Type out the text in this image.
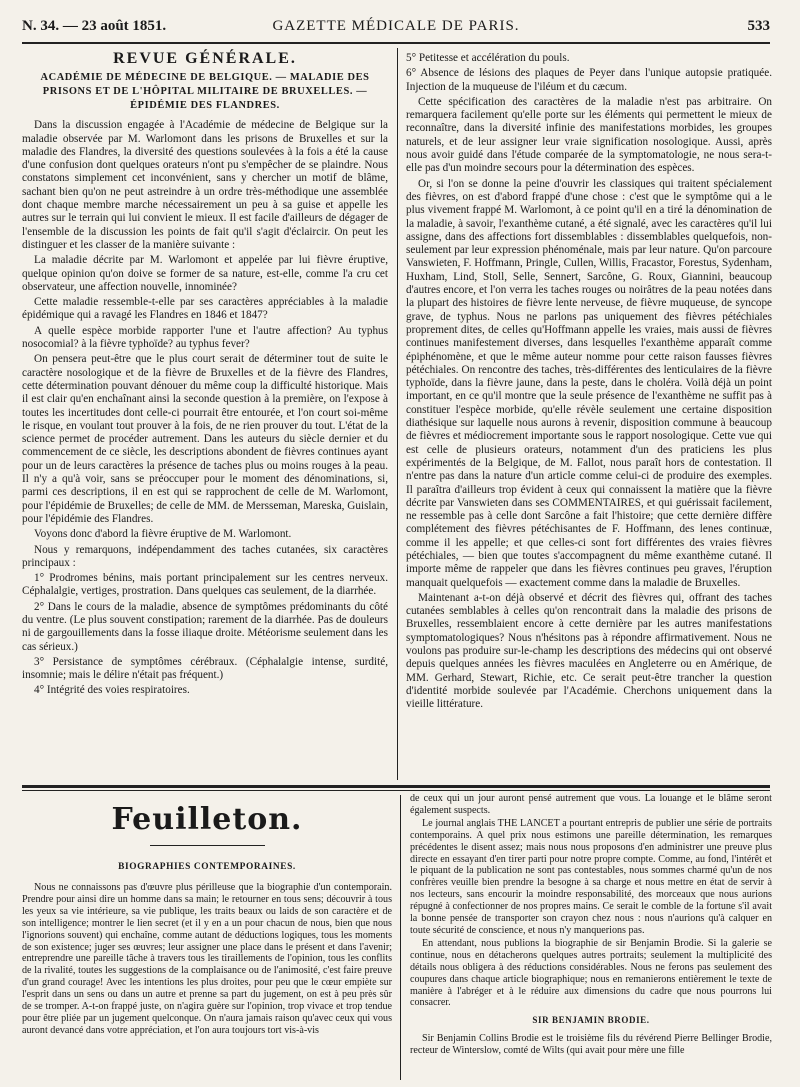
N. 34. — 23 août 1851.	GAZETTE MÉDICALE DE PARIS.	533
REVUE GÉNÉRALE.
ACADÉMIE DE MÉDECINE DE BELGIQUE. — MALADIE DES PRISONS ET DE L'HÔPITAL MILITAIRE DE BRUXELLES. — ÉPIDÉMIE DES FLANDRES.

Dans la discussion engagée à l'Académie de médecine de Belgique sur la maladie observée par M. Warlomont dans les prisons de Bruxelles et sur la maladie des Flandres, la diversité des questions soulevées à la fois a été la cause d'une confusion dont quelques orateurs n'ont pu s'empêcher de se plaindre. Nous constatons simplement cet inconvénient, sans y chercher un motif de blâme, sachant bien qu'on ne peut astreindre à un ordre très-méthodique une assemblée dont chaque membre marche nécessairement un peu à sa guise et appelle les autres sur le terrain qui lui convient le mieux. Il est facile d'ailleurs de dégager de l'ensemble de la discussion les points de fait qu'il s'agit d'éclaircir. On peut les distinguer et les classer de la manière suivante :

La maladie décrite par M. Warlomont et appelée par lui fièvre éruptive, quelque opinion qu'on doive se former de sa nature, est-elle, comme l'a cru cet observateur, une affection nouvelle, innominée?

Cette maladie ressemble-t-elle par ses caractères appréciables à la maladie épidémique qui a ravagé les Flandres en 1846 et 1847?

A quelle espèce morbide rapporter l'une et l'autre affection? Au typhus nosocomial? à la fièvre typhoïde? au typhus fever?

On pensera peut-être que le plus court serait de déterminer tout de suite le caractère nosologique et de la fièvre de Bruxelles et de la fièvre des Flandres, cette détermination pouvant dénouer du même coup la difficulté historique. Mais il est clair qu'en enchaînant ainsi la seconde question à la première, on l'expose à toutes les incertitudes dont celle-ci pourrait être entourée, et l'on court soi-même le risque, en voulant tout prouver à la fois, de ne rien prouver du tout. L'état de la science permet de procéder autrement. Dans les auteurs du siècle dernier et du commencement de ce siècle, les descriptions abondent de fièvres continues ayant pour un de leurs caractères la présence de taches plus ou moins rouges à la peau. Il n'y a qu'à voir, sans se préoccuper pour le moment des dénominations, si, parmi ces descriptions, il en est qui se rapprochent de celle de M. Warlomont, pour l'épidémie de Bruxelles; de celle de MM. de Mersseman, Mareska, Guislain, pour l'épidémie des Flandres.

Voyons donc d'abord la fièvre éruptive de M. Warlomont.

Nous y remarquons, indépendamment des taches cutanées, six caractères principaux :

1° Prodromes bénins, mais portant principalement sur les centres nerveux. Céphalalgie, vertiges, prostration. Dans quelques cas seulement, de la diarrhée.

2° Dans le cours de la maladie, absence de symptômes prédominants du côté du ventre. (Le plus souvent constipation; rarement de la diarrhée. Pas de douleurs ni de gargouillements dans la fosse iliaque droite. Météorisme seulement dans les cas sérieux.)

3° Persistance de symptômes cérébraux. (Céphalalgie intense, surdité, insomnie; mais le délire n'était pas fréquent.)

4° Intégrité des voies respiratoires.

5° Petitesse et accélération du pouls.

6° Absence de lésions des plaques de Peyer dans l'unique autopsie pratiquée. Injection de la muqueuse de l'iléum et du cæcum.

Cette spécification des caractères de la maladie n'est pas arbitraire. On remarquera facilement qu'elle porte sur les éléments qui permettent le mieux de reconnaître, dans la diversité infinie des manifestations morbides, les groupes naturels, et de leur assigner leur vraie signification nosologique. Aussi, après nous avoir guidé dans l'étude comparée de la symptomatologie, ne nous sera-t-elle pas d'un moindre secours pour la détermination des espèces.

Or, si l'on se donne la peine d'ouvrir les classiques qui traitent spécialement des fièvres, on est d'abord frappé d'une chose : c'est que le symptôme qui a le plus vivement frappé M. Warlomont, à ce point qu'il en a tiré la dénomination de la maladie, à savoir, l'exanthème cutané, a été signalé, avec les caractères qu'il lui assigne, dans des affections fort dissemblables : dissemblables quelquefois, non-seulement par leur expression phénoménale, mais par leur nature. Qu'on parcoure Vanswieten, F. Hoffmann, Pringle, Cullen, Willis, Fracastor, Forestus, Sydenham, Huxham, Lind, Stoll, Selle, Sennert, Sarcône, G. Roux, Giannini, beaucoup d'autres encore, et l'on verra les taches rouges ou noirâtres de la peau notées dans la plupart des histoires de fièvre lente nerveuse, de fièvre muqueuse, de syncope grave, de typhus. Nous ne parlons pas uniquement des fièvres pétéchiales proprement dites, de celles qu'Hoffmann appelle les vraies, mais aussi de fièvres continues manifestement diverses, dans lesquelles l'exanthème apparaît comme épiphénomène, et que le même auteur nomme pour cette raison fausses fièvres pétéchiales. On rencontre des taches, très-différentes des lenticulaires de la fièvre typhoïde, dans la fièvre jaune, dans la peste, dans le choléra. Voilà déjà un point important, en ce qu'il montre que la seule présence de l'exanthème ne suffit pas à constituer l'espèce morbide, qu'elle révèle seulement une certaine disposition diathésique sur laquelle nous aurons à revenir, disposition commune à beaucoup de fièvres et médiocrement importante sous le rapport nosologique. Cette vue qui est celle de plusieurs orateurs, notamment d'un des praticiens les plus expérimentés de la Belgique, de M. Fallot, nous paraît hors de contestation. Il n'entre pas dans la nature d'un article comme celui-ci de produire des exemples. Il paraîtra d'ailleurs trop évident à ceux qui connaissent la matière que la fièvre décrite par Vanswieten dans ses COMMENTAIRES, et qui guérissait facilement, ne ressemble pas à celle dont Sarcône a fait l'histoire; que cette dernière diffère complétement des fièvres pétéchisantes de F. Hoffmann, des lenes continuæ, comme il les appelle; et que celles-ci sont fort différentes des vraies fièvres pétéchiales, — bien que toutes s'accompagnent du même exanthème cutané. Il importe même de rappeler que dans les fièvres continues peu graves, l'éruption manquait quelquefois — exactement comme dans la maladie de Bruxelles.

Maintenant a-t-on déjà observé et décrit des fièvres qui, offrant des taches cutanées semblables à celles qu'on rencontrait dans la maladie des prisons de Bruxelles, ressemblaient encore à cette dernière par les autres manifestations symptomatologiques? Nous n'hésitons pas à répondre affirmativement. Nous ne voulons pas produire sur-le-champ les descriptions des médecins qui ont observé depuis quelques années les fièvres maculées en Angleterre ou en Amérique, de MM. Gerhard, Stewart, Richie, etc. Ce serait peut-être trancher la question d'identité morbide soulevée par l'Académie. Cherchons uniquement dans la vieille littérature.

Feuilleton.
BIOGRAPHIES CONTEMPORAINES.

Nous ne connaissons pas d'œuvre plus périlleuse que la biographie d'un contemporain. Prendre pour ainsi dire un homme dans sa main; le retourner en tous sens; découvrir à tous les yeux sa vie intérieure, sa vie publique, les traits beaux ou laids de son caractère et de son intelligence; montrer le lien secret (et il y en a un pour chacun de nous, bien que nous l'ignorions souvent) qui enchaîne, comme autant de déductions logiques, tous les moments de son existence; juger ses œuvres; leur assigner une place dans le présent et dans l'avenir; entreprendre une pareille tâche à travers tous les tiraillements de l'opinion, tous les conflits de la rivalité, toutes les suggestions de la complaisance ou de l'animosité, c'est faire preuve d'un grand courage! Avec les intentions les plus droites, pour peu que le cœur empiète sur l'esprit dans un sens ou dans un autre et prenne sa part du jugement, on est à peu près sûr de se tromper. A-t-on frappé juste, on n'agira guère sur l'opinion, trop vivace et trop tendue pour être pliée par un jugement quelconque. On n'aura jamais raison qu'avec ceux qui vous auront devancé dans votre appréciation, et l'on aura toujours tort vis-à-vis

de ceux qui un jour auront pensé autrement que vous. La louange et le blâme seront également suspects.

Le journal anglais THE LANCET a pourtant entrepris de publier une série de portraits contemporains. A quel prix nous estimons une pareille détermination, les remarques précédentes le disent assez; mais nous nous proposons d'en administrer une preuve plus directe en essayant d'en tirer parti pour notre propre compte. Comme, au fond, l'intérêt et le piquant de la publication ne sont pas contestables, nous sommes charmé qu'un de nos confrères veuille bien prendre la besogne à sa charge et nous mettre en état de servir à nos lecteurs, sans encourir la moindre responsabilité, des morceaux que nous aurions répugné à confectionner de nos propres mains. Ce serait le comble de la fortune s'il avait la bonne pensée de transporter son crayon chez nous : nous n'aurions qu'à calquer en toute sécurité de conscience, et nous n'y manquerions pas.

En attendant, nous publions la biographie de sir Benjamin Brodie. Si la galerie se continue, nous en détacherons quelques autres portraits; seulement la multiplicité des détails nous obligera à des réductions considérables. Nous ne ferons pas seulement des coupures dans chaque article biographique; nous en remanierons entièrement le texte de manière à l'abréger et à le réduire aux dimensions du cadre que nous pourrons lui consacrer.

SIR BENJAMIN BRODIE.

Sir Benjamin Collins Brodie est le troisième fils du révérend Pierre Bellinger Brodie, recteur de Winterslow, comté de Wilts (qui avait pour mère une fille
